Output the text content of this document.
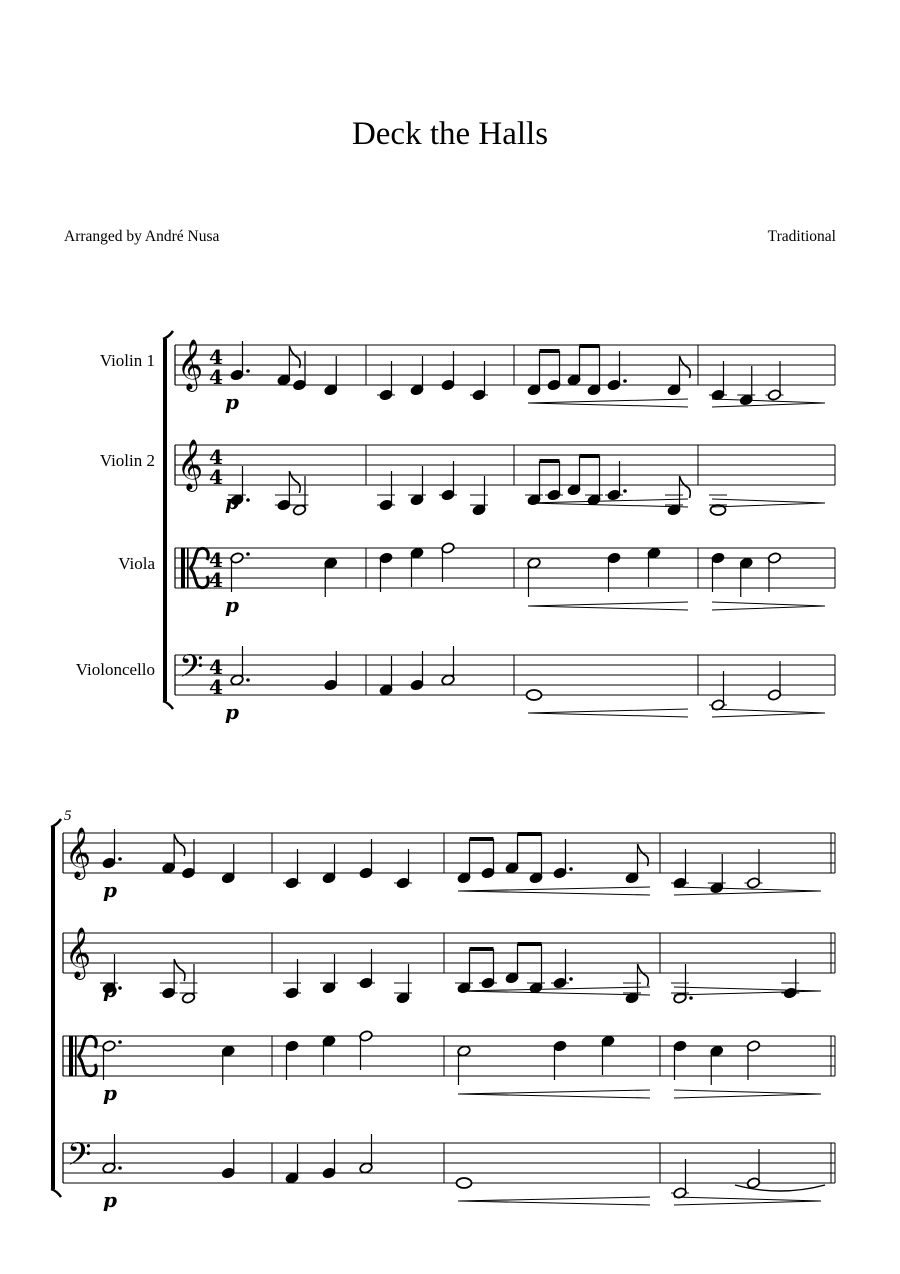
Deck the Halls
Arranged by André Nusa	Traditional
Violin 1
Violin 2
Viola
Violoncello
5
𝄞 4
4
p
𝄞 4
4
p
4
4
p
𝄢 4
4
p
𝄞
p
𝄞
p
p
𝄢
p
